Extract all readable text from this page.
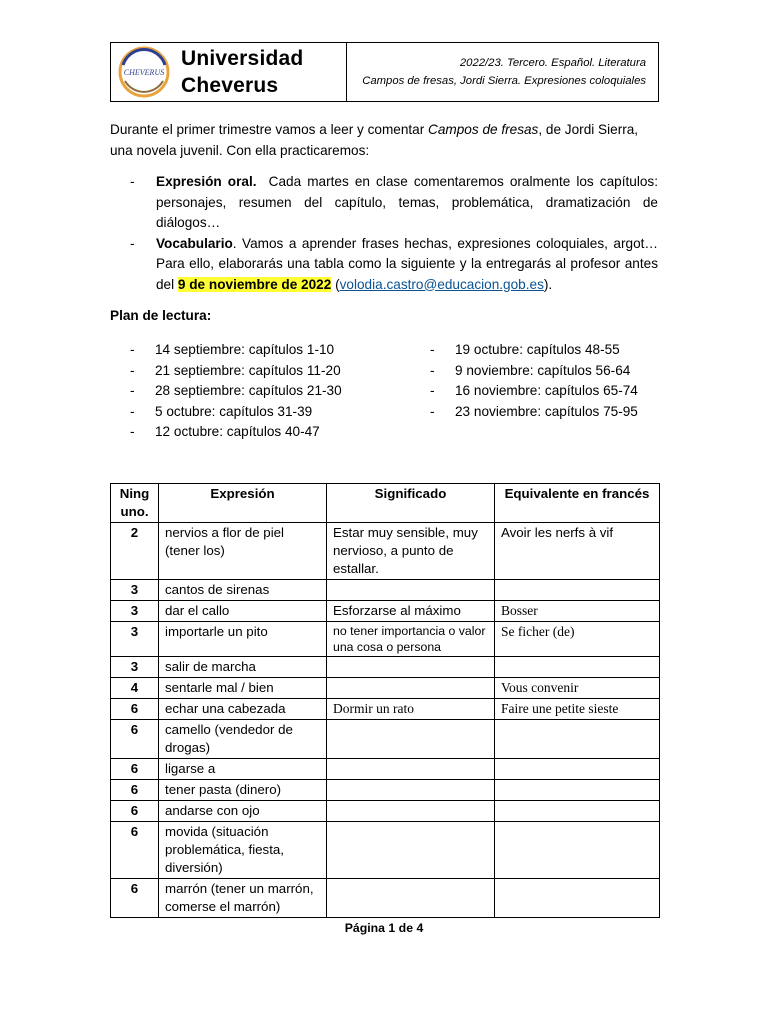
CHEVERUS
Universidad
Cheverus
2022/23. Tercero. Español. Literatura
Campos de fresas, Jordi Sierra. Expresiones coloquiales
Durante el primer trimestre vamos a leer y comentar Campos de fresas, de Jordi Sierra, una novela juvenil. Con ella practicaremos:
-	Expresión oral.  Cada martes en clase comentaremos oralmente los capítulos: personajes, resumen del capítulo, temas, problemática, dramatización de diálogos…
-	Vocabulario. Vamos a aprender frases hechas, expresiones coloquiales, argot… Para ello, elaborarás una tabla como la siguiente y la entregarás al profesor antes del 9 de noviembre de 2022 (volodia.castro@educacion.gob.es).
Plan de lectura:
-	14 septiembre: capítulos 1-10
-	21 septiembre: capítulos 11-20
-	28 septiembre: capítulos 21-30
-	5 octubre: capítulos 31-39
-	12 octubre: capítulos 40-47
-	19 octubre: capítulos 48-55
-	9 noviembre: capítulos 56-64
-	16 noviembre: capítulos 65-74
-	23 noviembre: capítulos 75-95
Ning uno.	Expresión	Significado	Equivalente en francés
2	nervios a flor de piel (tener los)	Estar muy sensible, muy nervioso, a punto de estallar.	Avoir les nerfs à vif
3	cantos de sirenas		
3	dar el callo	Esforzarse al máximo	Bosser
3	importarle un pito	no tener importancia o valor una cosa o persona	Se ficher (de)
3	salir de marcha		
4	sentarle mal / bien		Vous convenir
6	echar una cabezada	Dormir un rato	Faire une petite sieste
6	camello (vendedor de drogas)		
6	ligarse a		
6	tener pasta (dinero)		
6	andarse con ojo		
6	movida (situación problemática, fiesta, diversión)		
6	marrón (tener un marrón, comerse el marrón)		
Página 1 de 4
